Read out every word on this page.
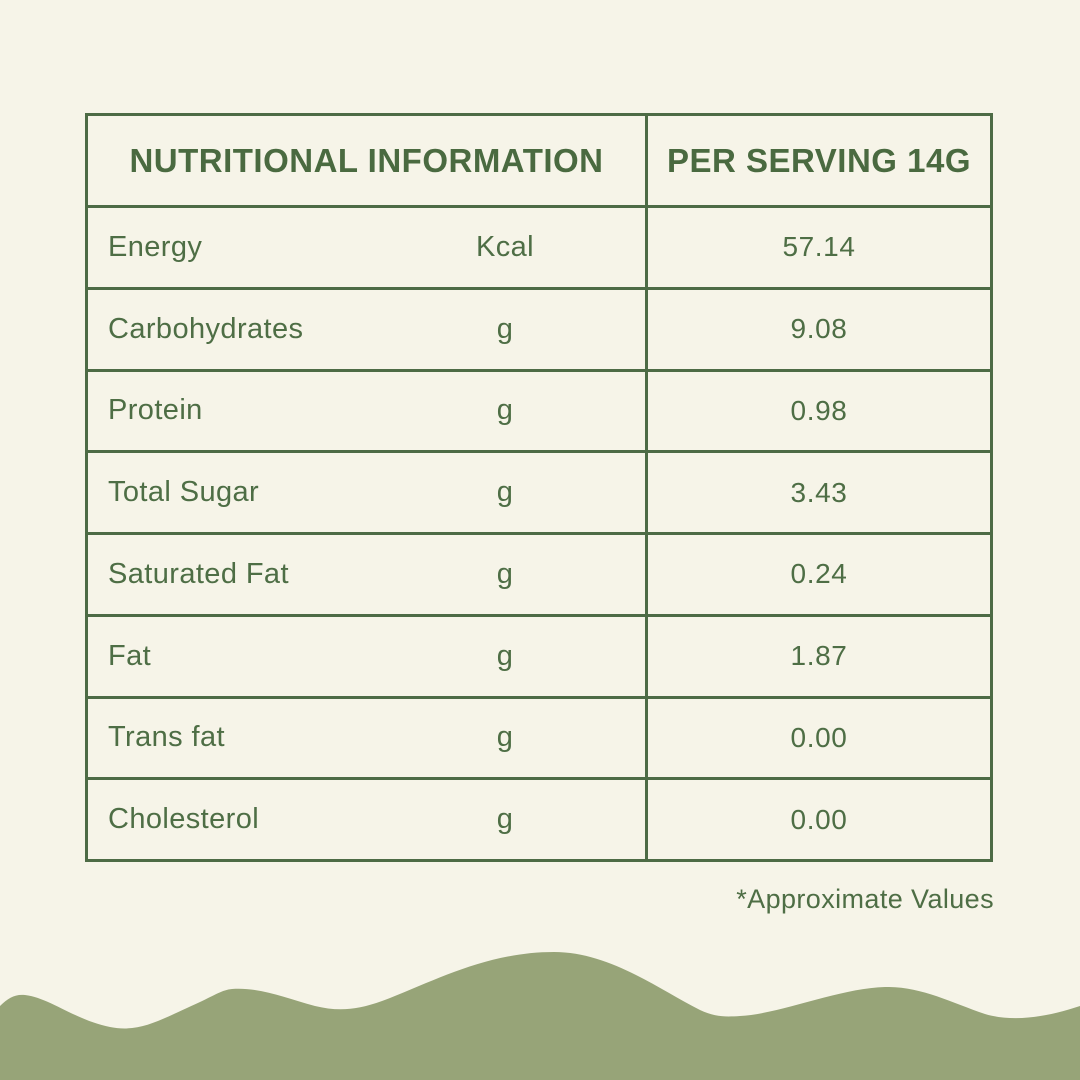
NUTRITIONAL INFORMATION	PER SERVING 14G
Energy	Kcal	57.14
Carbohydrates	g	9.08
Protein	g	0.98
Total Sugar	g	3.43
Saturated Fat	g	0.24
Fat	g	1.87
Trans fat	g	0.00
Cholesterol	g	0.00
*Approximate Values
